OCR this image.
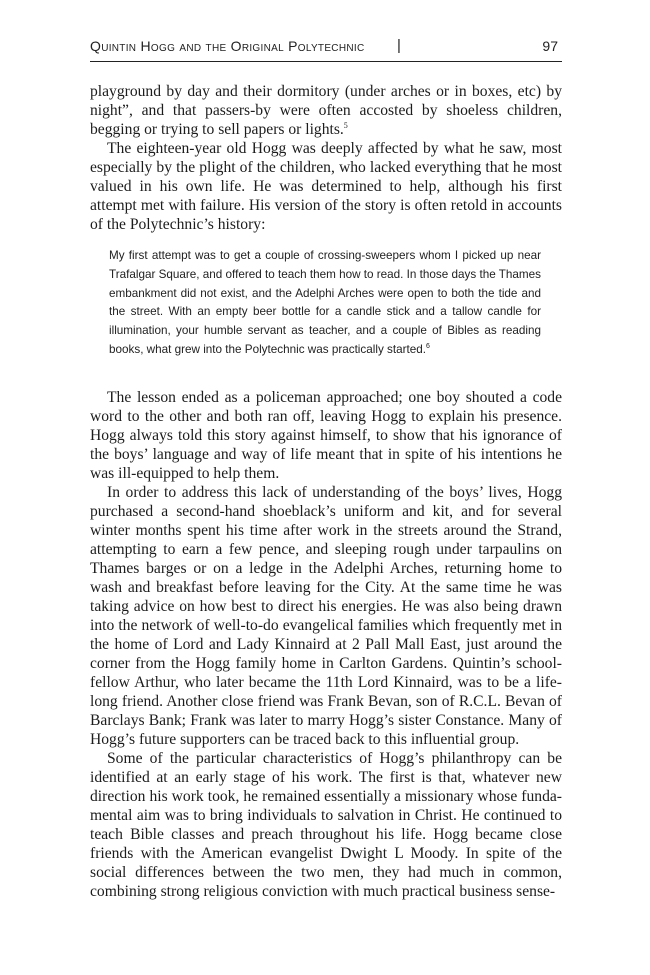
Quintin Hogg and the Original Polytechnic |	97

playground by day and their dormitory (under arches or in boxes, etc) by night”, and that passers-by were often accosted by shoeless children, begging or trying to sell papers or lights.$^5$

The eighteen-year old Hogg was deeply affected by what he saw, most especially by the plight of the children, who lacked everything that he most valued in his own life. He was determined to help, although his first attempt met with failure. His version of the story is often retold in accounts of the Polytechnic’s history:

My first attempt was to get a couple of crossing-sweepers whom I picked up near Trafalgar Square, and offered to teach them how to read. In those days the Thames embankment did not exist, and the Adelphi Arches were open to both the tide and the street. With an empty beer bottle for a candle stick and a tallow candle for illumination, your humble servant as teacher, and a couple of Bibles as reading books, what grew into the Polytechnic was practically started.$^6$

The lesson ended as a policeman approached; one boy shouted a code word to the other and both ran off, leaving Hogg to explain his presence. Hogg always told this story against himself, to show that his ignorance of the boys’ language and way of life meant that in spite of his intentions he was ill-equipped to help them.

In order to address this lack of understanding of the boys’ lives, Hogg purchased a second-hand shoeblack’s uniform and kit, and for several winter months spent his time after work in the streets around the Strand, attempting to earn a few pence, and sleeping rough under tarpaulins on Thames barges or on a ledge in the Adelphi Arches, returning home to wash and breakfast before leaving for the City. At the same time he was taking advice on how best to direct his energies. He was also being drawn into the network of well-to-do evangelical families which frequently met in the home of Lord and Lady Kinnaird at 2 Pall Mall East, just around the corner from the Hogg family home in Carlton Gardens. Quintin’s school-fellow Arthur, who later became the 11th Lord Kinnaird, was to be a life-long friend. Another close friend was Frank Bevan, son of R.C.L. Bevan of Barclays Bank; Frank was later to marry Hogg’s sister Constance. Many of Hogg’s future supporters can be traced back to this influential group.

Some of the particular characteristics of Hogg’s philanthropy can be identified at an early stage of his work. The first is that, whatever new direction his work took, he remained essentially a missionary whose funda-mental aim was to bring individuals to salvation in Christ. He continued to teach Bible classes and preach throughout his life. Hogg became close friends with the American evangelist Dwight L Moody. In spite of the social differences between the two men, they had much in common, combining strong religious conviction with much practical business sense-
